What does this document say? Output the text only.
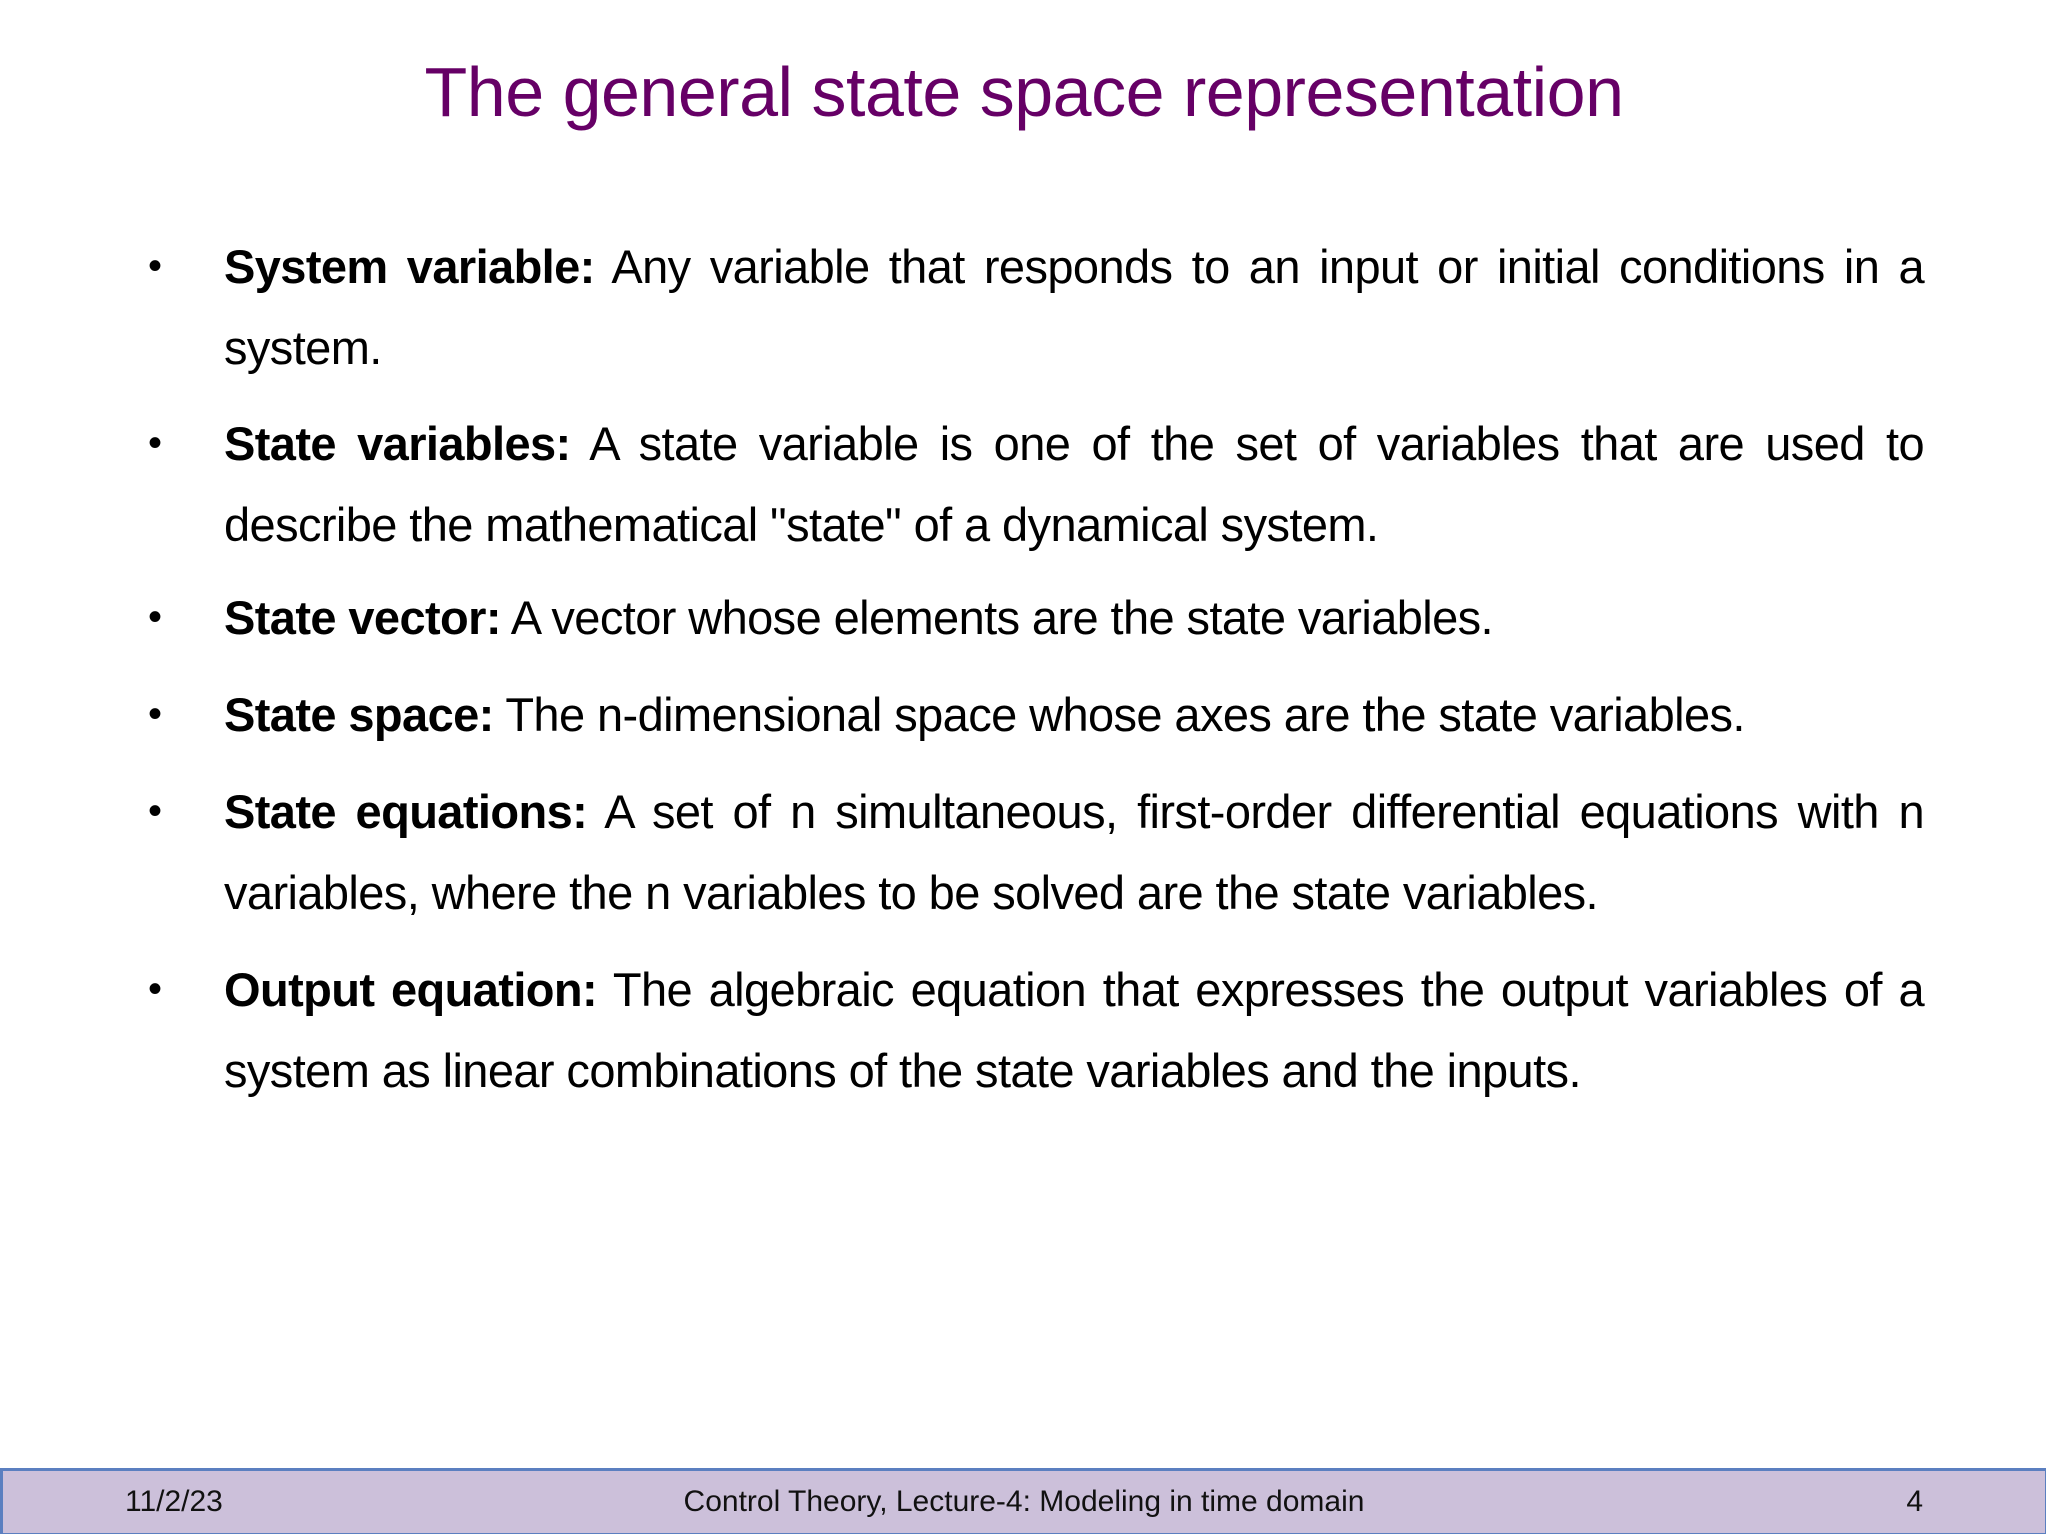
The general state space representation
• System variable: Any variable that responds to an input or initial conditions in a system.
• State variables: A state variable is one of the set of variables that are used to describe the mathematical "state" of a dynamical system.
• State vector: A vector whose elements are the state variables.
• State space: The n-dimensional space whose axes are the state variables.
• State equations: A set of n simultaneous, first-order differential equations with n variables, where the n variables to be solved are the state variables.
• Output equation: The algebraic equation that expresses the output variables of a system as linear combinations of the state variables and the inputs.
11/2/23	Control Theory, Lecture-4: Modeling in time domain	4
